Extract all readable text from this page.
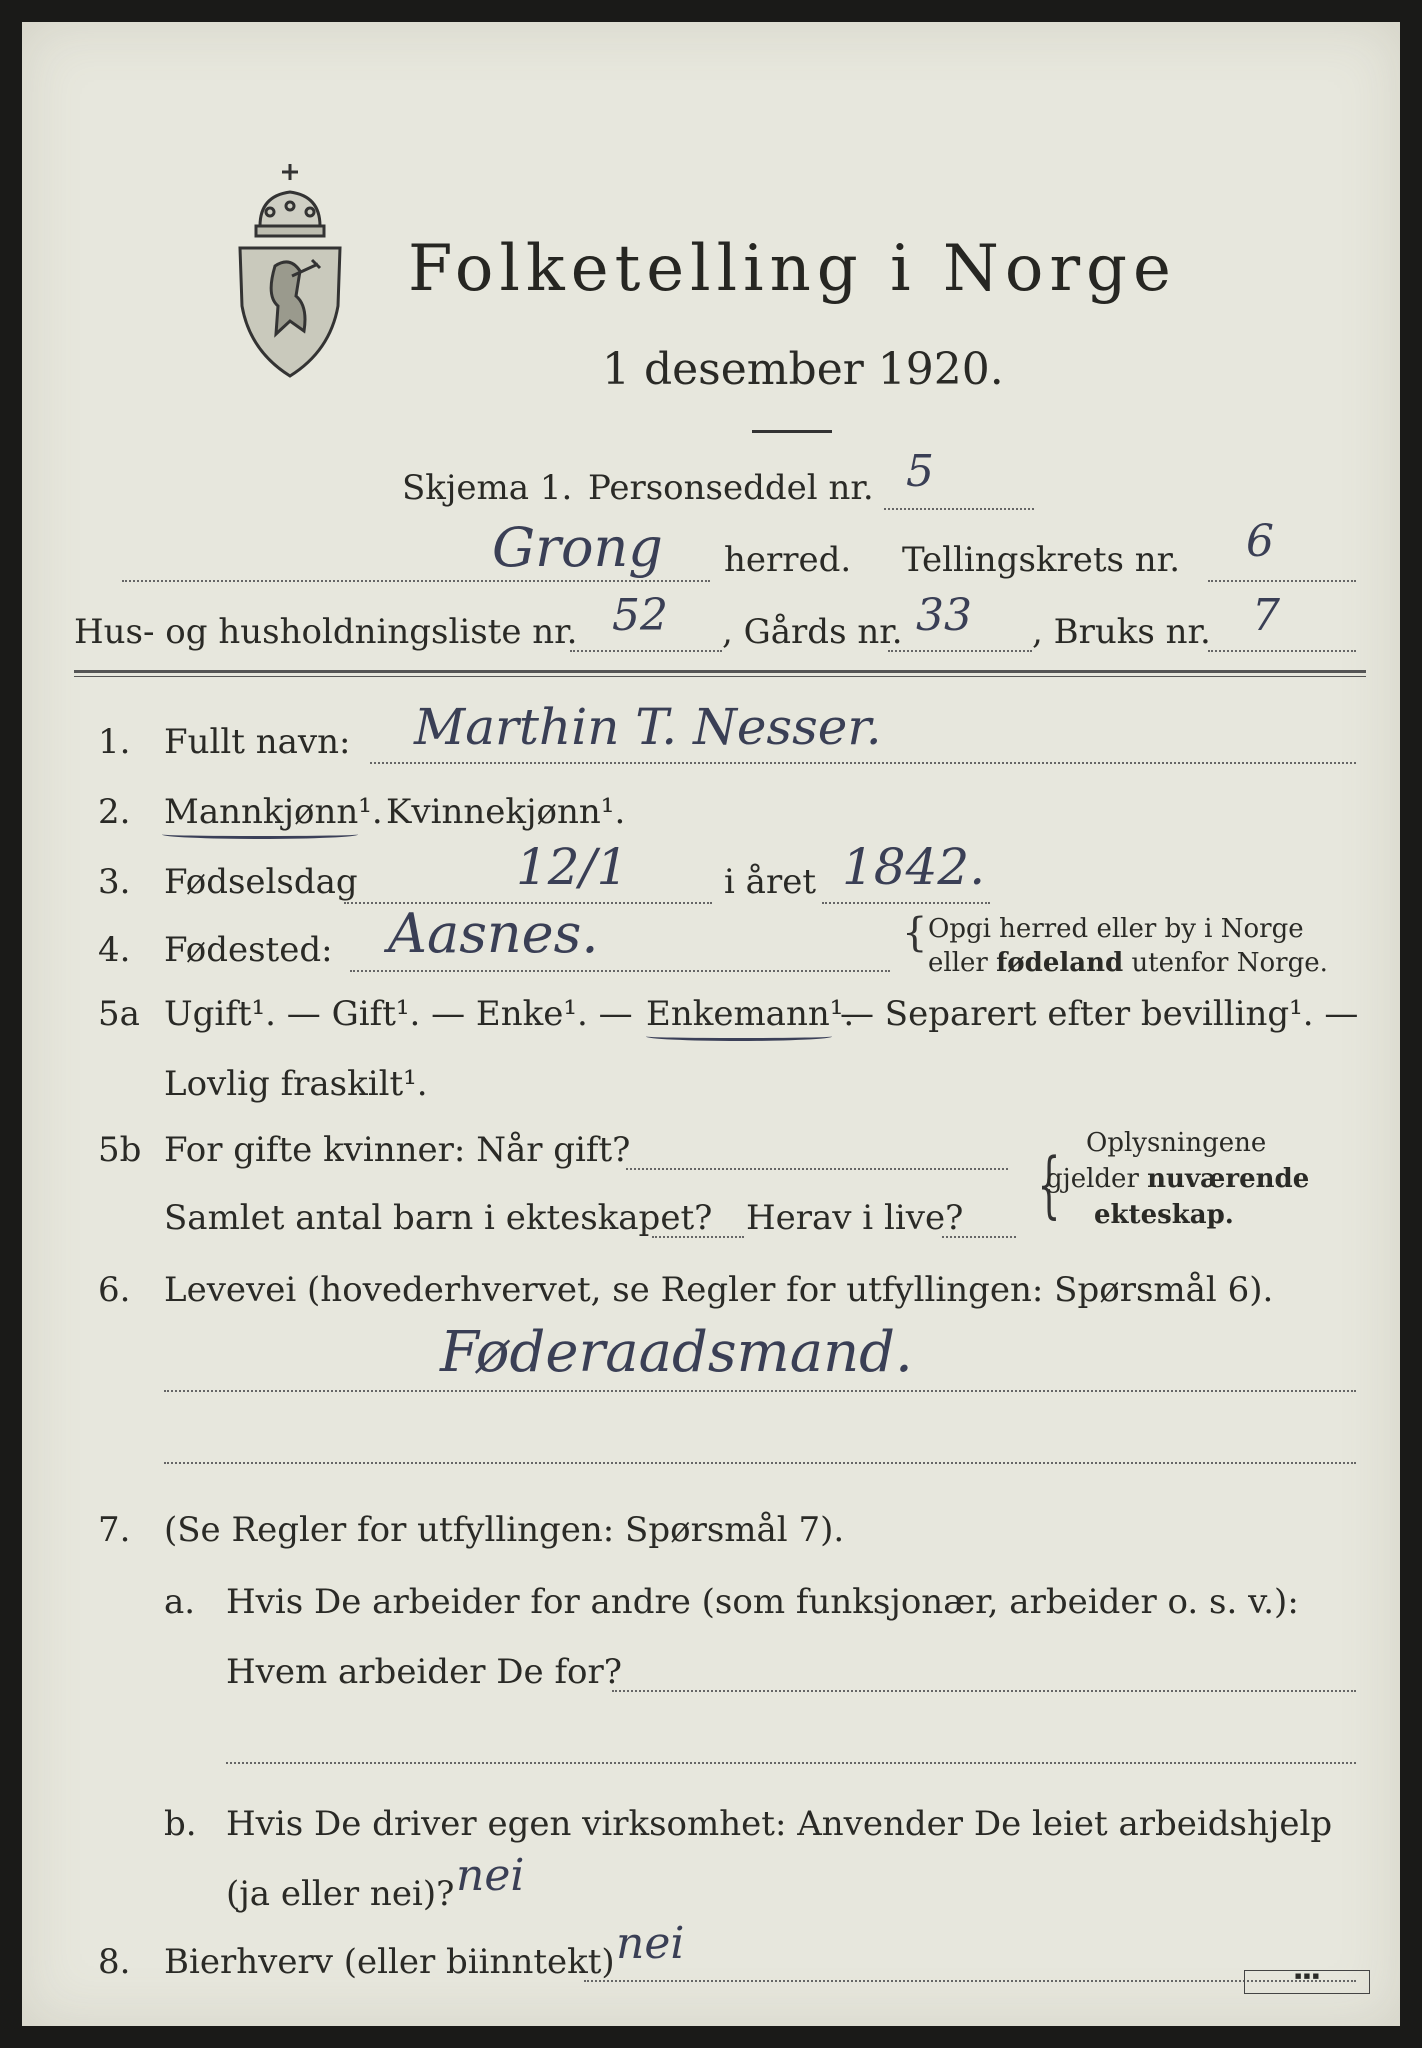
Folketelling i Norge
1 desember 1920.
Skjema 1. Personseddel nr. 5
Grong herred. Tellingskrets nr. 6
Hus- og husholdningsliste nr. 52 , Gårds nr. 33 , Bruks nr. 7
1. Fullt navn: Marthin T. Nesser.
2. Mannkjønn¹. Kvinnekjønn¹.
3. Fødselsdag	12/1	i året 1842.
4. Fødested: Aasnes.	{ Opgi herred eller by i Norge
eller fødeland utenfor Norge.
5a Ugift¹. — Gift¹. — Enke¹. — Enkemann¹.
— Separert efter bevilling¹. —
Lovlig fraskilt¹.
5b For gifte kvinner: Når gift?
Samlet antal barn i ekteskapet? Herav i live? { Oplysningene
gjelder nuværende
ekteskap.
6. Levevei (hovederhvervet, se Regler for utfyllingen: Spørsmål 6).
Føderaadsmand.
7. (Se Regler for utfyllingen: Spørsmål 7).
a. Hvis De arbeider for andre (som funksjonær, arbeider o. s. v.):
Hvem arbeider De for?
b. Hvis De driver egen virksomhet: Anvender De leiet arbeidshjelp
(ja eller nei)? nei
8. Bierhverv (eller biinntekt) nei
■ ■ ■
